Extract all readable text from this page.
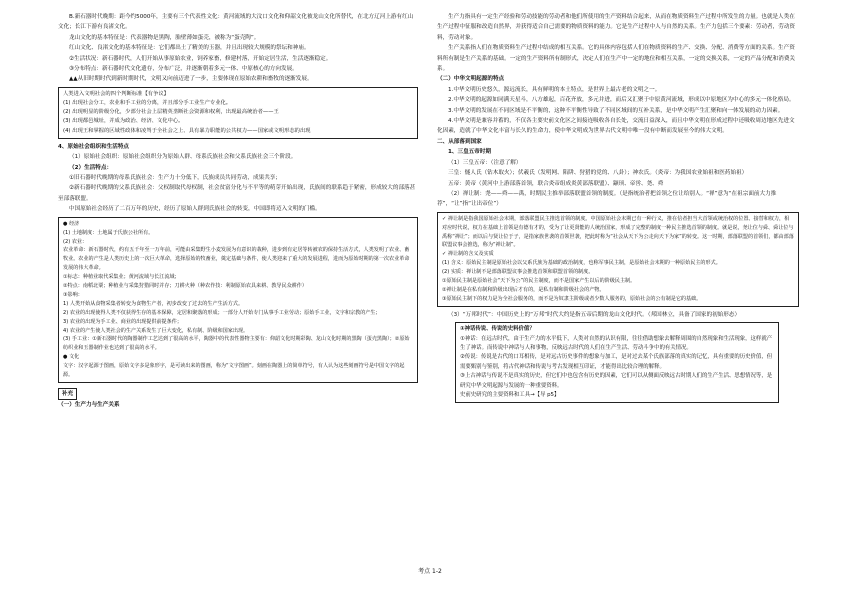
B.新石器时代晚期：距今约5000年，主要有三个代表性文化：黄河流域的大汶口文化和仰韶文化被龙山文化所替代，在北方辽河上游有红山文化；长江下游有良渚文化。

龙山文化的基本特征是：代表器物是黑陶，胎壁薄如蛋壳，被称为“蛋壳陶”。

红山文化、良渚文化的基本特征是：它们都出土了精美的玉器，并且出现较大规模的祭坛和神庙。

②生活状况：新石器时代，人们开始从事原始农业，饲养家畜，修建村落，开始定居生活，生活逐渐稳定。

③分布特点：新石器时代文化遗存，分布广泛，并逐渐朝着多元一体、中原核心的方向发展。

▲▲从旧时期时代到新时期时代，文明又向前迈进了一步，主要体现在原始农耕和畜牧的逐渐发展。

人类进入文明社会的四个判断标准【有争议】

(1) 出现社会分工，农业和手工业的分离，并且部分手工业生产专业化。

(2) 出现明显的阶级分化，少部分社会上层精英垄断社会资源和权利，出现最高统治者——王

(3) 出现都邑城址，并成为政治、经济、文化中心。

(4) 出现王和掌握的区域性政体和凌驾于全社会之上、具有暴力职能的公共权力——国家或文明形态的出现

4、原始社会组织和生活特点

（1）原始社会组织：原始社会组织分为原始人群、母系氏族社会和父系氏族社会三个阶段。

（2）生活特点：

①旧石器时代晚期的母系氏族社会：生产力十分低下，氏族成员共同劳动，成果共享；

②新石器时代晚期的父系氏族社会：父权制取代母权制，社会贫富分化与不平等的萌芽开始出现，氏族间的联系趋于紧密，形成较大的部落甚至部落联盟。

中国原始社会经历了二百万年的历史，经历了原始人群到氏族社会的转变，中国即将迈入文明的门槛。

● 经济

(1) 土地制度：土地属于氏族公社所有。

(2) 农业：

农业革命：新石器时代，约有五千年至一万年前，可能由采集野生小麦发展为有意识的栽种，进步到有定居等转被农的保持生活方式，人类发明了农业、畜牧业。农业的产生是人类历史上的一次巨大革命，选择原始的牧畜业，奠定基础与条件，使人类迎来了重大的发展进程，进而为原始时期的第一次农业革命发展的伟大革命。

①标志：种植业取代采集业；黄河流域与长江流域；

②特点：南稻北粟；种植业与采集狩猎同时并存；刀耕火种（种农作技：利制原始农具来耕、教导民众耕作）

③影响：

1) 人类开始从食物采集者转变为食物生产者，初步改变了过去的生产生活方式。

2) 农业的出现使得人类不仅获得生存的基本保障，定居和聚落的形成；一部分人开始专门从事手工业劳动；原始手工业，文字和宗教的产生；

3) 农业的出现为手工业、商业的出现提供前提条件；

4) 农业的产生使人类社会的生产关系发生了巨大变化，私有制、阶级和国家出现。

(3) 手工业：①新石器时代的陶器制作工艺达到了很高的水平，陶器中的代表性器物主要有：仰韶文化时期彩陶、龙山文化时期的黑陶（蛋壳黑陶）；②原始纺织业和玉器制作业也达到了很高的水平。

● 文化

文字：汉字起源于图画，原始文字多是象形字，是可读出来的图画，称为“文字图画”。刻画在陶器上的简单符号，有人认为这些刻画符号是中国文字的起源。

补充

（一）生产力与生产关系

生产力指具有一定生产经验和劳动技能的劳动者和他们所使用的生产资料结合起来，从而在物质资料生产过程中所发生的力量。也就是人类在生产过程中征服和改造自然界，并获得适合自己需要的物质资料的能力。它是生产过程中人与自然的关系。生产力包括三个要素：劳动者，劳动资料，劳动对象。

生产关系指人们在物质资料生产过程中结成的相互关系。它的具体内容包括人们在物质资料的生产、交换、分配、消费等方面的关系。生产资料所有制是生产关系的基础。一定的生产资料所有制形式，决定人们在生产中一定的地位和相互关系，一定的交换关系，一定的产品分配和消费关系。

（二）中华文明起源的特点

1.中华文明历史悠久，源远流长，具有鲜明的本土特点，是世界上最古老的文明之一。

2.中华文明的起源如同满天星斗，八方雄起，百花齐放，多元并进，而后又汇聚于中原黄河流域，形成以中原地区为中心的多元一体化格局。

3.中华文明的发展在不同区域是不平衡的，这种不平衡性导致了不同区域间的互补关系，是中华文明产生汇聚和向一体发展的动力因素。

4.中华文明是兼容并蓄的，不仅各主要史前文化区之间接连吸收各自长处，交流日益深入，而且中华文明在形成过程中还吸收周边地区先进文化因素，造就了中华文化丰富与长久的生命力，使中华文明成为世界古代文明中唯一没有中断而发展至今的伟大文明。

二、从部落到国家

1、三皇五帝时期

（1）三皇五帝：（注意了解）

三皇：燧人氏（钻木取火）；伏羲氏（发明网、陷阱、狩猎的党的、八卦）；神农氏。（炎帝：为我国农业始祖和医药始祖）

五帝：黄帝（黄河中上游部落首领，联合炎帝组成炎黄部落联盟）、颛顼、帝喾、尧、舜

（2）禅让制：尧——舜——禹，时期民主推举部落联盟首领的制度。（是指统治者把首领之位让给别人。“禅”意为“在祖宗面前大力推荐”，“让”指“让出帝位”）

✓ 禅让制是指我国原始社会末期，部落联盟民主推选首领的制度。中国原始社会末期已有一种行义，推在信者担当大首领或统治权的位置、接替和权力，相对应时代说，权力在基础上首领是有德有才的，受为了让更贤能的人统治国家，形成了完整的制度一种民主推选首领的制度。就是说，尧让位与舜、舜让位与禹称“禅让”；而以后与贤让位于子，是指家族世袭的首领世袭，把此时称为“社会从天下为公走向天下为家”的转变。这一时期，部落联盟的首领们，都由部落联盟议事会推选，称为“禅让制”。

✓ 禅让制的含义及实质

(1) 含义：原始民主制是原始社会以父系氏族为基础的政治制度，也称军事民主制，是原始社会末期的一种原始民主的形式。

(2) 实质：禅让制不是部落联盟议事会推选首领和联盟首领的制度。

①原始民主制是原始社会“天下为公”的民主制度，而不是国家产生以后的阶级民主制。

②禅让制是在私有制和阶级出现后才有的，是私有制和阶级社会的产物。

③原始民主制下的权力是为全社会服务的，而不是为奴隶主阶级或者少数人服务的，原始社会的公有制是它的基础。

（3）“万邦时代”：中国历史上的“万邦”时代大约是指五帝后期的龙山文化时代。（邦国林立，具备了国家的初始形态）

①神话传说、传说的史料价值？

①神话：在远古时代，由于生产力的水平低下，人类对自然的认识有限，往往借助想象去解释周围的自然现象和生活现象，这样就产生了神话。而传说中神话与人和事物，反映远古时代的人们在生产生活、劳动斗争中的有关情况。

②传说：传说是古代的口耳相传，是对远古历史事件的想象与加工，是对过去某个氏族部落的真实的记忆，具有重要的历史价值，但需要甄别与鉴别，将古代神话和传说与考古发现相互印证，才能得出比较合理的解释。

③上古神话与传说不是真实的历史，但它们中也包含有历史的因素，它们可以从侧面反映远古时期人们的生产生活、思想情况等，是研究中华文明起源与发展的一种重要资料。

史前史研究的主要资料和工具→【导 p5】

考点 1-2
